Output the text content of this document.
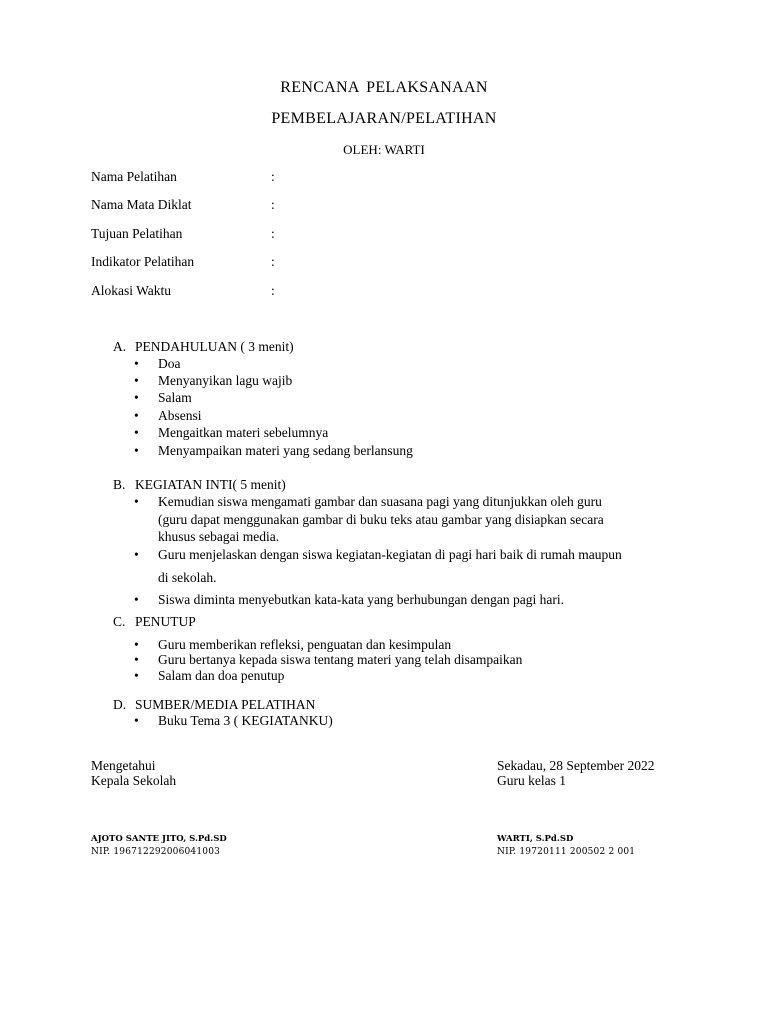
RENCANA PELAKSANAAN
PEMBELAJARAN/PELATIHAN
OLEH: WARTI
Nama Pelatihan	:
Nama Mata Diklat	:
Tujuan Pelatihan	:
Indikator Pelatihan	:
Alokasi Waktu	:
A. PENDAHULUAN ( 3 menit)
• Doa
• Menyanyikan lagu wajib
• Salam
• Absensi
• Mengaitkan materi sebelumnya
• Menyampaikan materi yang sedang berlansung
B. KEGIATAN INTI( 5 menit)
• Kemudian siswa mengamati gambar dan suasana pagi yang ditunjukkan oleh guru
(guru dapat menggunakan gambar di buku teks atau gambar yang disiapkan secara
khusus sebagai media.
• Guru menjelaskan dengan siswa kegiatan-kegiatan di pagi hari baik di rumah maupun
di sekolah.
• Siswa diminta menyebutkan kata-kata yang berhubungan dengan pagi hari.
C. PENUTUP
• Guru memberikan refleksi, penguatan dan kesimpulan
• Guru bertanya kepada siswa tentang materi yang telah disampaikan
• Salam dan doa penutup
D. SUMBER/MEDIA PELATIHAN
• Buku Tema 3 ( KEGIATANKU)
Mengetahui
Kepala Sekolah
Sekadau, 28 September 2022
Guru kelas 1
AJOTO SANTE JITO, S.Pd.SD
NIP. 196712292006041003
WARTI, S.Pd.SD
NIP. 19720111 200502 2 001
